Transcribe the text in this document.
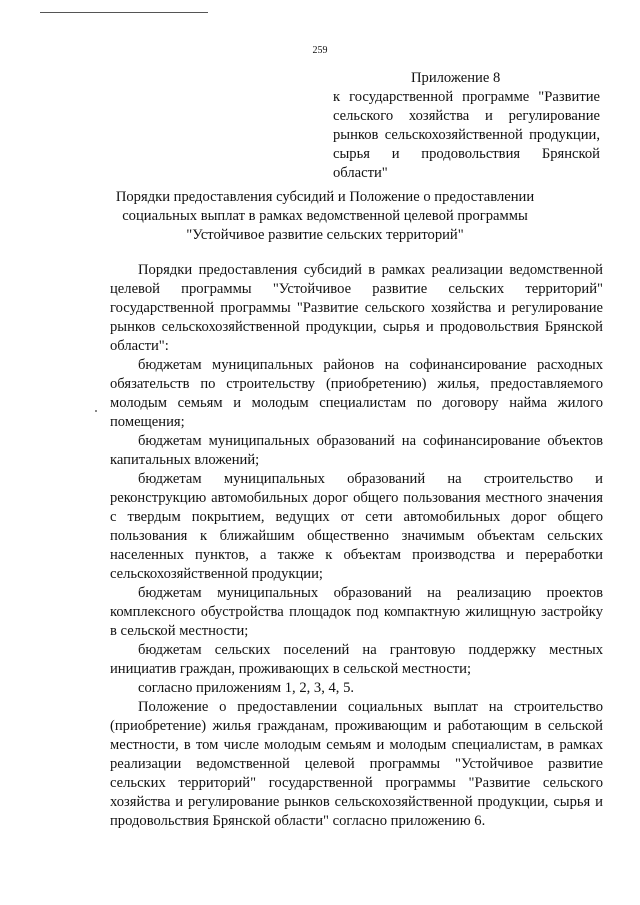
259
Приложение 8

к государственной программе "Развитие сельского хозяйства и регулирование рынков сельскохозяйственной продукции, сырья и продовольствия Брянской области"

Порядки предоставления субсидий и Положение о предоставлении
социальных выплат в рамках ведомственной целевой программы
"Устойчивое развитие сельских территорий"

Порядки предоставления субсидий в рамках реализации ведомственной целевой программы "Устойчивое развитие сельских территорий" государственной программы "Развитие сельского хозяйства и регулирование рынков сельскохозяйственной продукции, сырья и продовольствия Брянской области":

бюджетам муниципальных районов на софинансирование расходных обязательств по строительству (приобретению) жилья, предоставляемого молодым семьям и молодым специалистам по договору найма жилого помещения;

бюджетам муниципальных образований на софинансирование объектов капитальных вложений;

бюджетам муниципальных образований на строительство и реконструкцию автомобильных дорог общего пользования местного значения с твердым покрытием, ведущих от сети автомобильных дорог общего пользования к ближайшим общественно значимым объектам сельских населенных пунктов, а также к объектам производства и переработки сельскохозяйственной продукции;

бюджетам муниципальных образований на реализацию проектов комплексного обустройства площадок под компактную жилищную застройку в сельской местности;

бюджетам сельских поселений на грантовую поддержку местных инициатив граждан, проживающих в сельской местности;

согласно приложениям 1, 2, 3, 4, 5.

Положение о предоставлении социальных выплат на строительство (приобретение) жилья гражданам, проживающим и работающим в сельской местности, в том числе молодым семьям и молодым специалистам, в рамках реализации ведомственной целевой программы "Устойчивое развитие сельских территорий" государственной программы "Развитие сельского хозяйства и регулирование рынков сельскохозяйственной продукции, сырья и продовольствия Брянской области" согласно приложению 6.
